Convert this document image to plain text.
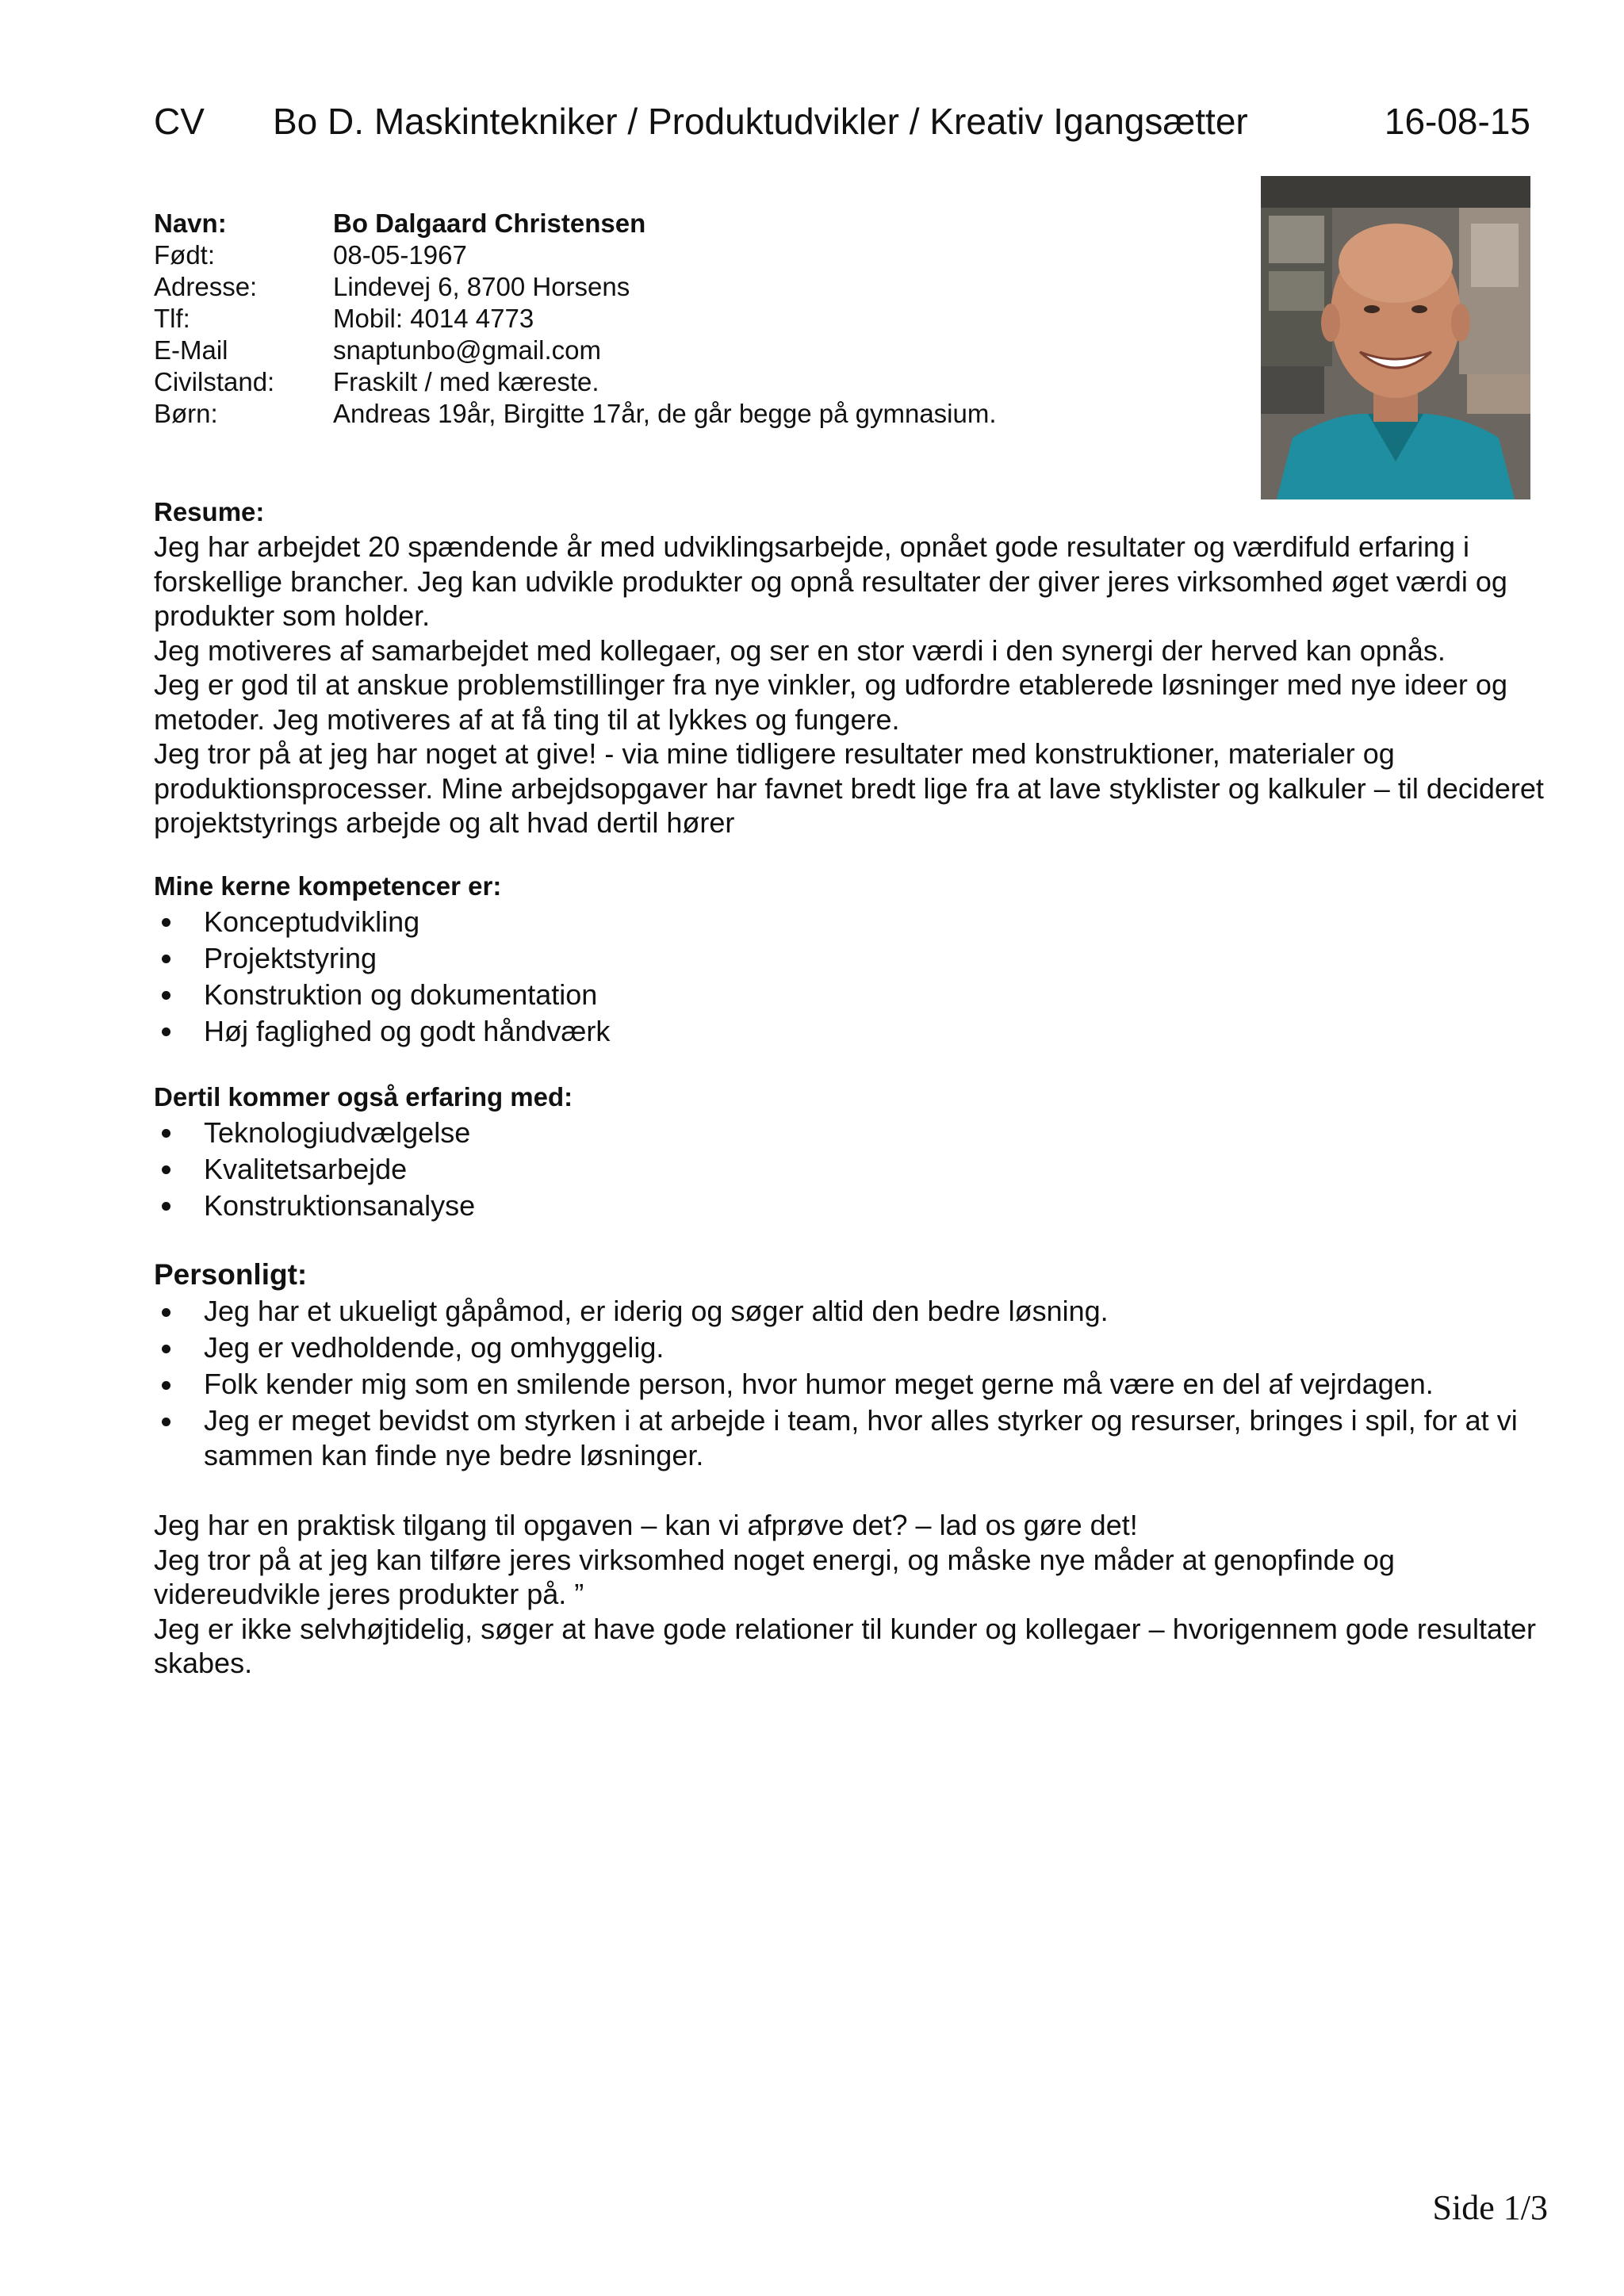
CV Bo D. Maskintekniker / Produktudvikler / Kreativ Igangsætter	16-08-15
Navn:	Bo Dalgaard Christensen
Født:	08-05-1967
Adresse:	Lindevej 6, 8700 Horsens
Tlf:	Mobil: 4014 4773
E-Mail	snaptunbo@gmail.com
Civilstand: Fraskilt / med kæreste.
Børn:	Andreas 19år, Birgitte 17år, de går begge på gymnasium.
Resume:

Jeg har arbejdet 20 spændende år med udviklingsarbejde, opnået gode resultater og værdifuld erfaring i forskellige brancher. Jeg kan udvikle produkter og opnå resultater der giver jeres virksomhed øget værdi og produkter som holder.

Jeg motiveres af samarbejdet med kollegaer, og ser en stor værdi i den synergi der herved kan opnås.

Jeg er god til at anskue problemstillinger fra nye vinkler, og udfordre etablerede løsninger med nye ideer og metoder. Jeg motiveres af at få ting til at lykkes og fungere.

Jeg tror på at jeg har noget at give! - via mine tidligere resultater med konstruktioner, materialer og produktionsprocesser. Mine arbejdsopgaver har favnet bredt lige fra at lave styklister og kalkuler – til decideret projektstyrings arbejde og alt hvad dertil hører

Mine kerne kompetencer er:
Konceptudvikling
Projektstyring
Konstruktion og dokumentation
Høj faglighed og godt håndværk
Dertil kommer også erfaring med:
Teknologiudvælgelse
Kvalitetsarbejde
Konstruktionsanalyse
Personligt:
Jeg har et ukueligt gåpåmod, er iderig og søger altid den bedre løsning.
Jeg er vedholdende, og omhyggelig.
Folk kender mig som en smilende person, hvor humor meget gerne må være en del af vejrdagen.
Jeg er meget bevidst om styrken i at arbejde i team, hvor alles styrker og resurser, bringes i spil, for at vi sammen kan finde nye bedre løsninger.

Jeg har en praktisk tilgang til opgaven – kan vi afprøve det? – lad os gøre det!

Jeg tror på at jeg kan tilføre jeres virksomhed noget energi, og måske nye måder at genopfinde og videreudvikle jeres produkter på. ”

Jeg er ikke selvhøjtidelig, søger at have gode relationer til kunder og kollegaer – hvorigennem gode resultater skabes.

Side 1/3
